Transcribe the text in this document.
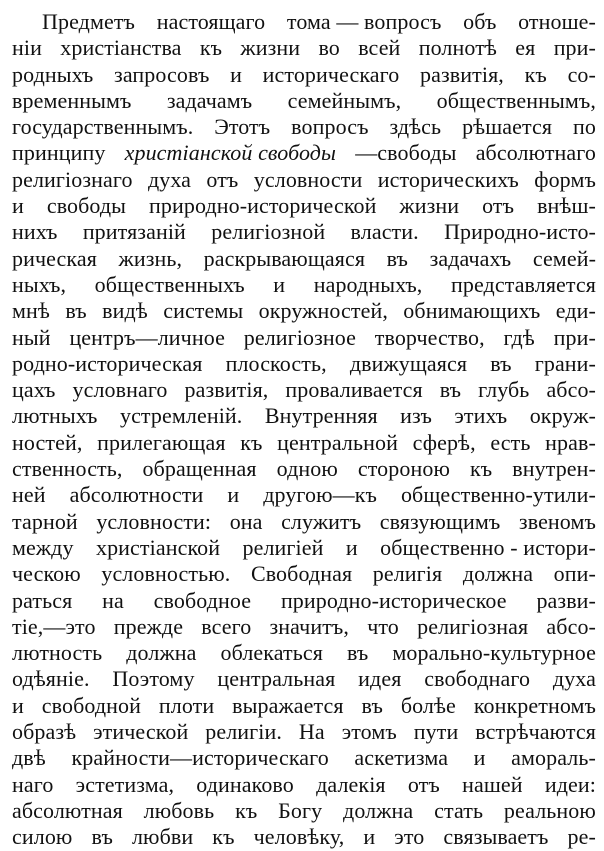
Предметъ настоящаго тома — вопросъ объ отноше-
нiи христiанства къ жизни во всей полнотѣ ея при-
родныхъ запросовъ и историческаго развитiя, къ со-
временнымъ задачамъ семейнымъ, общественнымъ,
государственнымъ. Этотъ вопросъ здѣсь рѣшается по
принципу христiанской свободы —свободы абсолютнаго
религiознаго духа отъ условности историческихъ формъ
и свободы природно-исторической жизни отъ внѣш-
нихъ притязанiй религiозной власти. Природно-исто-
рическая жизнь, раскрывающаяся въ задачахъ семей-
ныхъ, общественныхъ и народныхъ, представляется
мнѣ въ видѣ системы окружностей, обнимающихъ еди-
ный центръ—личное религiозное творчество, гдѣ при-
родно-историческая плоскость, движущаяся въ грани-
цахъ условнаго развитiя, проваливается въ глубь абсо-
лютныхъ устремленiй. Внутренняя изъ этихъ окруж-
ностей, прилегающая къ центральной сферѣ, есть нрав-
ственность, обращенная одною стороною къ внутрен-
ней абсолютности и другою—къ общественно-утили-
тарной условности: она служитъ связующимъ звеномъ
между христiанской религiей и общественно - истори-
ческою условностью. Свободная религiя должна опи-
раться на свободное природно-историческое разви-
тiе,—это прежде всего значитъ, что религiозная абсо-
лютность должна облекаться въ морально-культурное
одѣянiе. Поэтому центральная идея свободнаго духа
и свободной плоти выражается въ болѣе конкретномъ
образѣ этической религiи. На этомъ пути встрѣчаются
двѣ крайности—историческаго аскетизма и амораль-
наго эстетизма, одинаково далекiя отъ нашей идеи:
абсолютная любовь къ Богу должна стать реальною
силою въ любви къ человѣку, и это связываетъ ре-
